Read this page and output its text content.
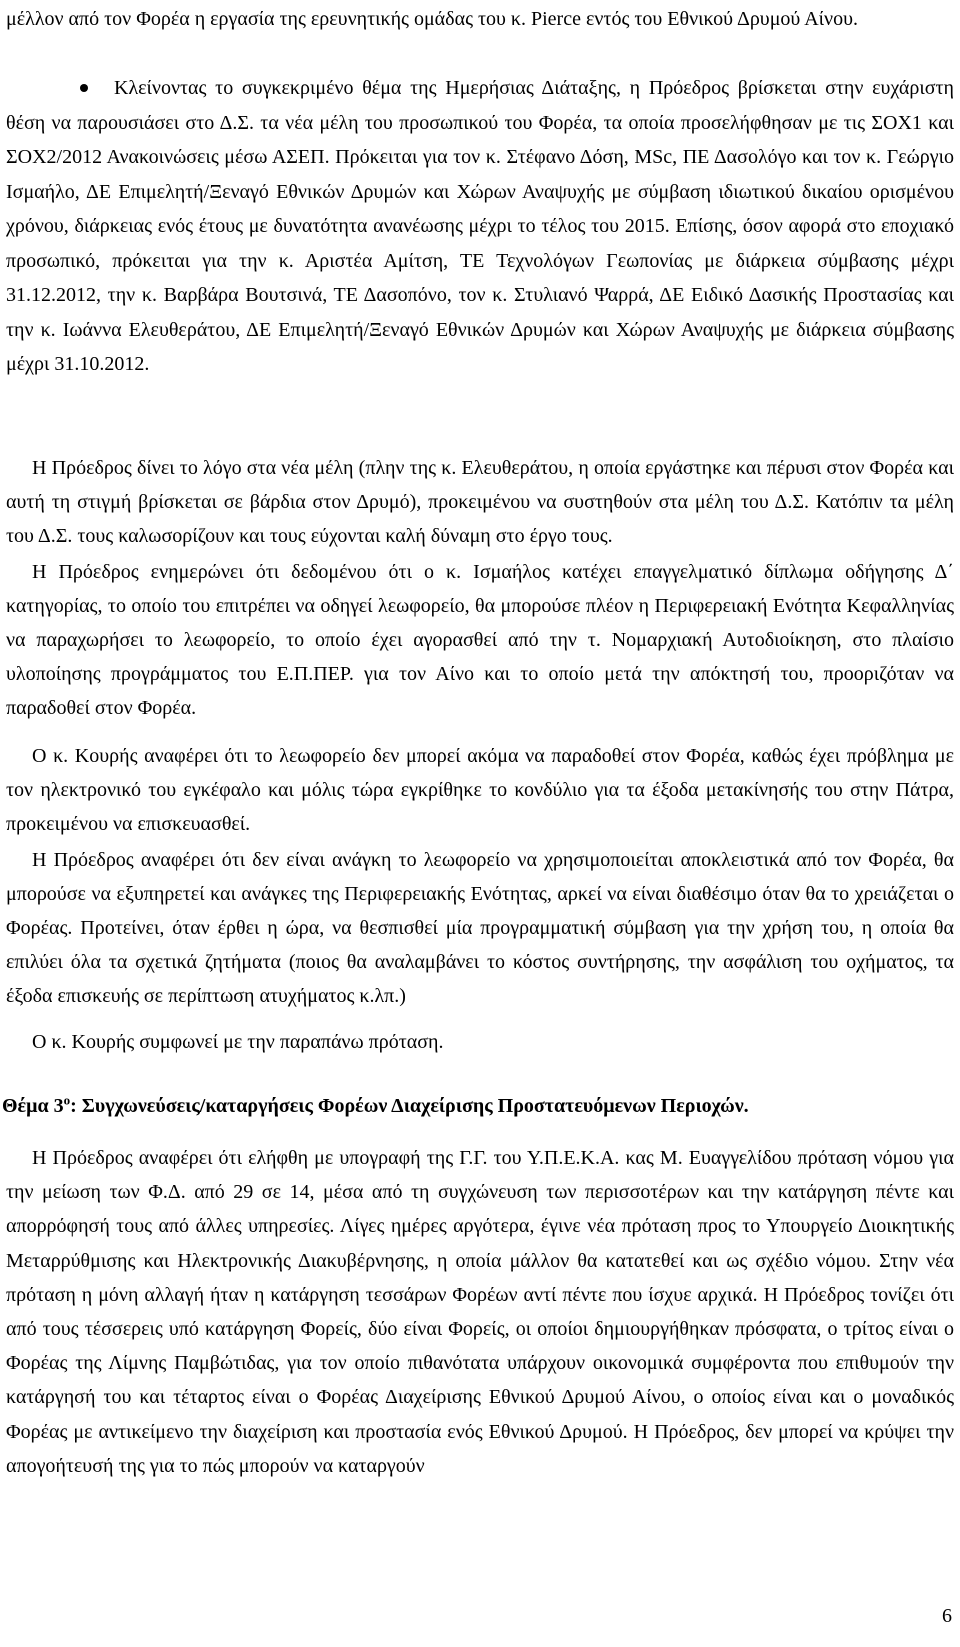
μέλλον από τον Φορέα η εργασία της ερευνητικής ομάδας του κ. Pierce εντός του Εθνικού Δρυμού Αίνου.

Κλείνοντας το συγκεκριμένο θέμα της Ημερήσιας Διάταξης, η Πρόεδρος βρίσκεται στην ευχάριστη θέση να παρουσιάσει στο Δ.Σ. τα νέα μέλη του προσωπικού του Φορέα, τα οποία προσελήφθησαν με τις ΣΟΧ1 και ΣΟΧ2/2012 Ανακοινώσεις μέσω ΑΣΕΠ. Πρόκειται για τον κ. Στέφανο Δόση, MSc, ΠΕ Δασολόγο και τον κ. Γεώργιο Ισμαήλο, ΔΕ Επιμελητή/Ξεναγό Εθνικών Δρυμών και Χώρων Αναψυχής με σύμβαση ιδιωτικού δικαίου ορισμένου χρόνου, διάρκειας ενός έτους με δυνατότητα ανανέωσης μέχρι το τέλος του 2015. Επίσης, όσον αφορά στο εποχιακό προσωπικό, πρόκειται για την κ. Αριστέα Αμίτση, ΤΕ Τεχνολόγων Γεωπονίας με διάρκεια σύμβασης μέχρι 31.12.2012, την κ. Βαρβάρα Βουτσινά, ΤΕ Δασοπόνο, τον κ. Στυλιανό Ψαρρά, ΔΕ Ειδικό Δασικής Προστασίας και την κ. Ιωάννα Ελευθεράτου, ΔΕ Επιμελητή/Ξεναγό Εθνικών Δρυμών και Χώρων Αναψυχής με διάρκεια σύμβασης μέχρι 31.10.2012.

Η Πρόεδρος δίνει το λόγο στα νέα μέλη (πλην της κ. Ελευθεράτου, η οποία εργάστηκε και πέρυσι στον Φορέα και αυτή τη στιγμή βρίσκεται σε βάρδια στον Δρυμό), προκειμένου να συστηθούν στα μέλη του Δ.Σ. Κατόπιν τα μέλη του Δ.Σ. τους καλωσορίζουν και τους εύχονται καλή δύναμη στο έργο τους.

Η Πρόεδρος ενημερώνει ότι δεδομένου ότι ο κ. Ισμαήλος κατέχει επαγγελματικό δίπλωμα οδήγησης Δ΄ κατηγορίας, το οποίο του επιτρέπει να οδηγεί λεωφορείο, θα μπορούσε πλέον η Περιφερειακή Ενότητα Κεφαλληνίας να παραχωρήσει το λεωφορείο, το οποίο έχει αγορασθεί από την τ. Νομαρχιακή Αυτοδιοίκηση, στο πλαίσιο υλοποίησης προγράμματος του Ε.Π.ΠΕΡ. για τον Αίνο και το οποίο μετά την απόκτησή του, προοριζόταν να παραδοθεί στον Φορέα.

Ο κ. Κουρής αναφέρει ότι το λεωφορείο δεν μπορεί ακόμα να παραδοθεί στον Φορέα, καθώς έχει πρόβλημα με τον ηλεκτρονικό του εγκέφαλο και μόλις τώρα εγκρίθηκε το κονδύλιο για τα έξοδα μετακίνησής του στην Πάτρα, προκειμένου να επισκευασθεί.

Η Πρόεδρος αναφέρει ότι δεν είναι ανάγκη το λεωφορείο να χρησιμοποιείται αποκλειστικά από τον Φορέα, θα μπορούσε να εξυπηρετεί και ανάγκες της Περιφερειακής Ενότητας, αρκεί να είναι διαθέσιμο όταν θα το χρειάζεται ο Φορέας. Προτείνει, όταν έρθει η ώρα, να θεσπισθεί μία προγραμματική σύμβαση για την χρήση του, η οποία θα επιλύει όλα τα σχετικά ζητήματα (ποιος θα αναλαμβάνει το κόστος συντήρησης, την ασφάλιση του οχήματος, τα έξοδα επισκευής σε περίπτωση ατυχήματος κ.λπ.)

Ο κ. Κουρής συμφωνεί με την παραπάνω πρόταση.

Θέμα $3^o$: Συγχωνεύσεις/καταργήσεις Φορέων Διαχείρισης Προστατευόμενων Περιοχών.

Η Πρόεδρος αναφέρει ότι ελήφθη με υπογραφή της Γ.Γ. του Υ.Π.Ε.Κ.Α. κας Μ. Ευαγγελίδου πρόταση νόμου για την μείωση των Φ.Δ. από 29 σε 14, μέσα από τη συγχώνευση των περισσοτέρων και την κατάργηση πέντε και απορρόφησή τους από άλλες υπηρεσίες. Λίγες ημέρες αργότερα, έγινε νέα πρόταση προς το Υπουργείο Διοικητικής Μεταρρύθμισης και Ηλεκτρονικής Διακυβέρνησης, η οποία μάλλον θα κατατεθεί και ως σχέδιο νόμου. Στην νέα πρόταση η μόνη αλλαγή ήταν η κατάργηση τεσσάρων Φορέων αντί πέντε που ίσχυε αρχικά. Η Πρόεδρος τονίζει ότι από τους τέσσερεις υπό κατάργηση Φορείς, δύο είναι Φορείς, οι οποίοι δημιουργήθηκαν πρόσφατα, ο τρίτος είναι ο Φορέας της Λίμνης Παμβώτιδας, για τον οποίο πιθανότατα υπάρχουν οικονομικά συμφέροντα που επιθυμούν την κατάργησή του και τέταρτος είναι ο Φορέας Διαχείρισης Εθνικού Δρυμού Αίνου, ο οποίος είναι και ο μοναδικός Φορέας με αντικείμενο την διαχείριση και προστασία ενός Εθνικού Δρυμού. Η Πρόεδρος, δεν μπορεί να κρύψει την απογοήτευσή της για το πώς μπορούν να καταργούν

6
